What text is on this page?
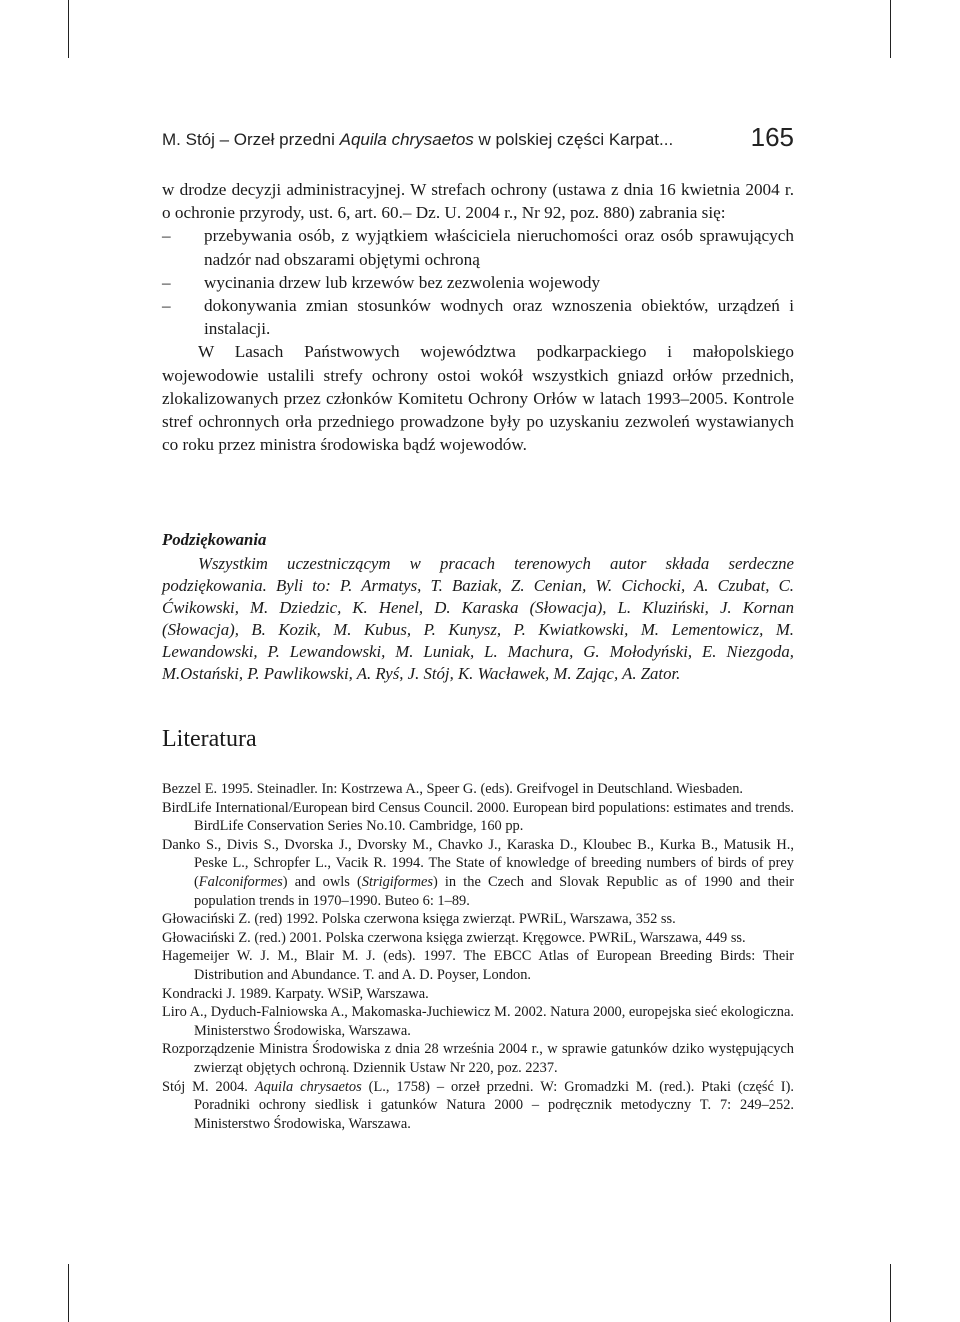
M. Stój – Orzeł przedni Aquila chrysaetos w polskiej części Karpat...	165

w drodze decyzji administracyjnej. W strefach ochrony (ustawa z dnia 16 kwietnia 2004 r. o ochronie przyrody, ust. 6, art. 60.– Dz. U. 2004 r., Nr 92, poz. 880) zabrania się:

– przebywania osób, z wyjątkiem właściciela nieruchomości oraz osób sprawujących nadzór nad obszarami objętymi ochroną
– wycinania drzew lub krzewów bez zezwolenia wojewody
– dokonywania zmian stosunków wodnych oraz wznoszenia obiektów, urządzeń i instalacji.

W Lasach Państwowych województwa podkarpackiego i małopolskiego wojewodowie ustalili strefy ochrony ostoi wokół wszystkich gniazd orłów przednich, zlokalizowanych przez członków Komitetu Ochrony Orłów w latach 1993–2005. Kontrole stref ochronnych orła przedniego prowadzone były po uzyskaniu zezwoleń wystawianych co roku przez ministra środowiska bądź wojewodów.

Podziękowania

Wszystkim uczestniczącym w pracach terenowych autor składa serdeczne podziękowania. Byli to: P. Armatys, T. Baziak, Z. Cenian, W. Cichocki, A. Czubat, C. Ćwikowski, M. Dziedzic, K. Henel, D. Karaska (Słowacja), L. Kluziński, J. Kornan (Słowacja), B. Kozik, M. Kubus, P. Kunysz, P. Kwiatkowski, M. Lementowicz, M. Lewandowski, P. Lewandowski, M. Luniak, L. Machura, G. Mołodyński, E. Niezgoda, M.Ostański, P. Pawlikowski, A. Ryś, J. Stój, K. Wacławek, M. Zając, A. Zator.

Literatura

Bezzel E. 1995. Steinadler. In: Kostrzewa A., Speer G. (eds). Greifvogel in Deutschland. Wiesbaden.

BirdLife International/European bird Census Council. 2000. European bird populations: estimates and trends. BirdLife Conservation Series No.10. Cambridge, 160 pp.

Danko S., Divis S., Dvorska J., Dvorsky M., Chavko J., Karaska D., Kloubec B., Kurka B., Matusik H., Peske L., Schropfer L., Vacik R. 1994. The State of knowledge of breeding numbers of birds of prey (Falconiformes) and owls (Strigiformes) in the Czech and Slovak Republic as of 1990 and their population trends in 1970–1990. Buteo 6: 1–89.

Głowaciński Z. (red) 1992. Polska czerwona księga zwierząt. PWRiL, Warszawa, 352 ss.

Głowaciński Z. (red.) 2001. Polska czerwona księga zwierząt. Kręgowce. PWRiL, Warszawa, 449 ss.

Hagemeijer W. J. M., Blair M. J. (eds). 1997. The EBCC Atlas of European Breeding Birds: Their Distribution and Abundance. T. and A. D. Poyser, London.

Kondracki J. 1989. Karpaty. WSiP, Warszawa.

Liro A., Dyduch-Falniowska A., Makomaska-Juchiewicz M. 2002. Natura 2000, europejska sieć ekologiczna. Ministerstwo Środowiska, Warszawa.

Rozporządzenie Ministra Środowiska z dnia 28 września 2004 r., w sprawie gatunków dziko występujących zwierząt objętych ochroną. Dziennik Ustaw Nr 220, poz. 2237.

Stój M. 2004. Aquila chrysaetos (L., 1758) – orzeł przedni. W: Gromadzki M. (red.). Ptaki (część I). Poradniki ochrony siedlisk i gatunków Natura 2000 – podręcznik metodyczny T. 7: 249–252. Ministerstwo Środowiska, Warszawa.
